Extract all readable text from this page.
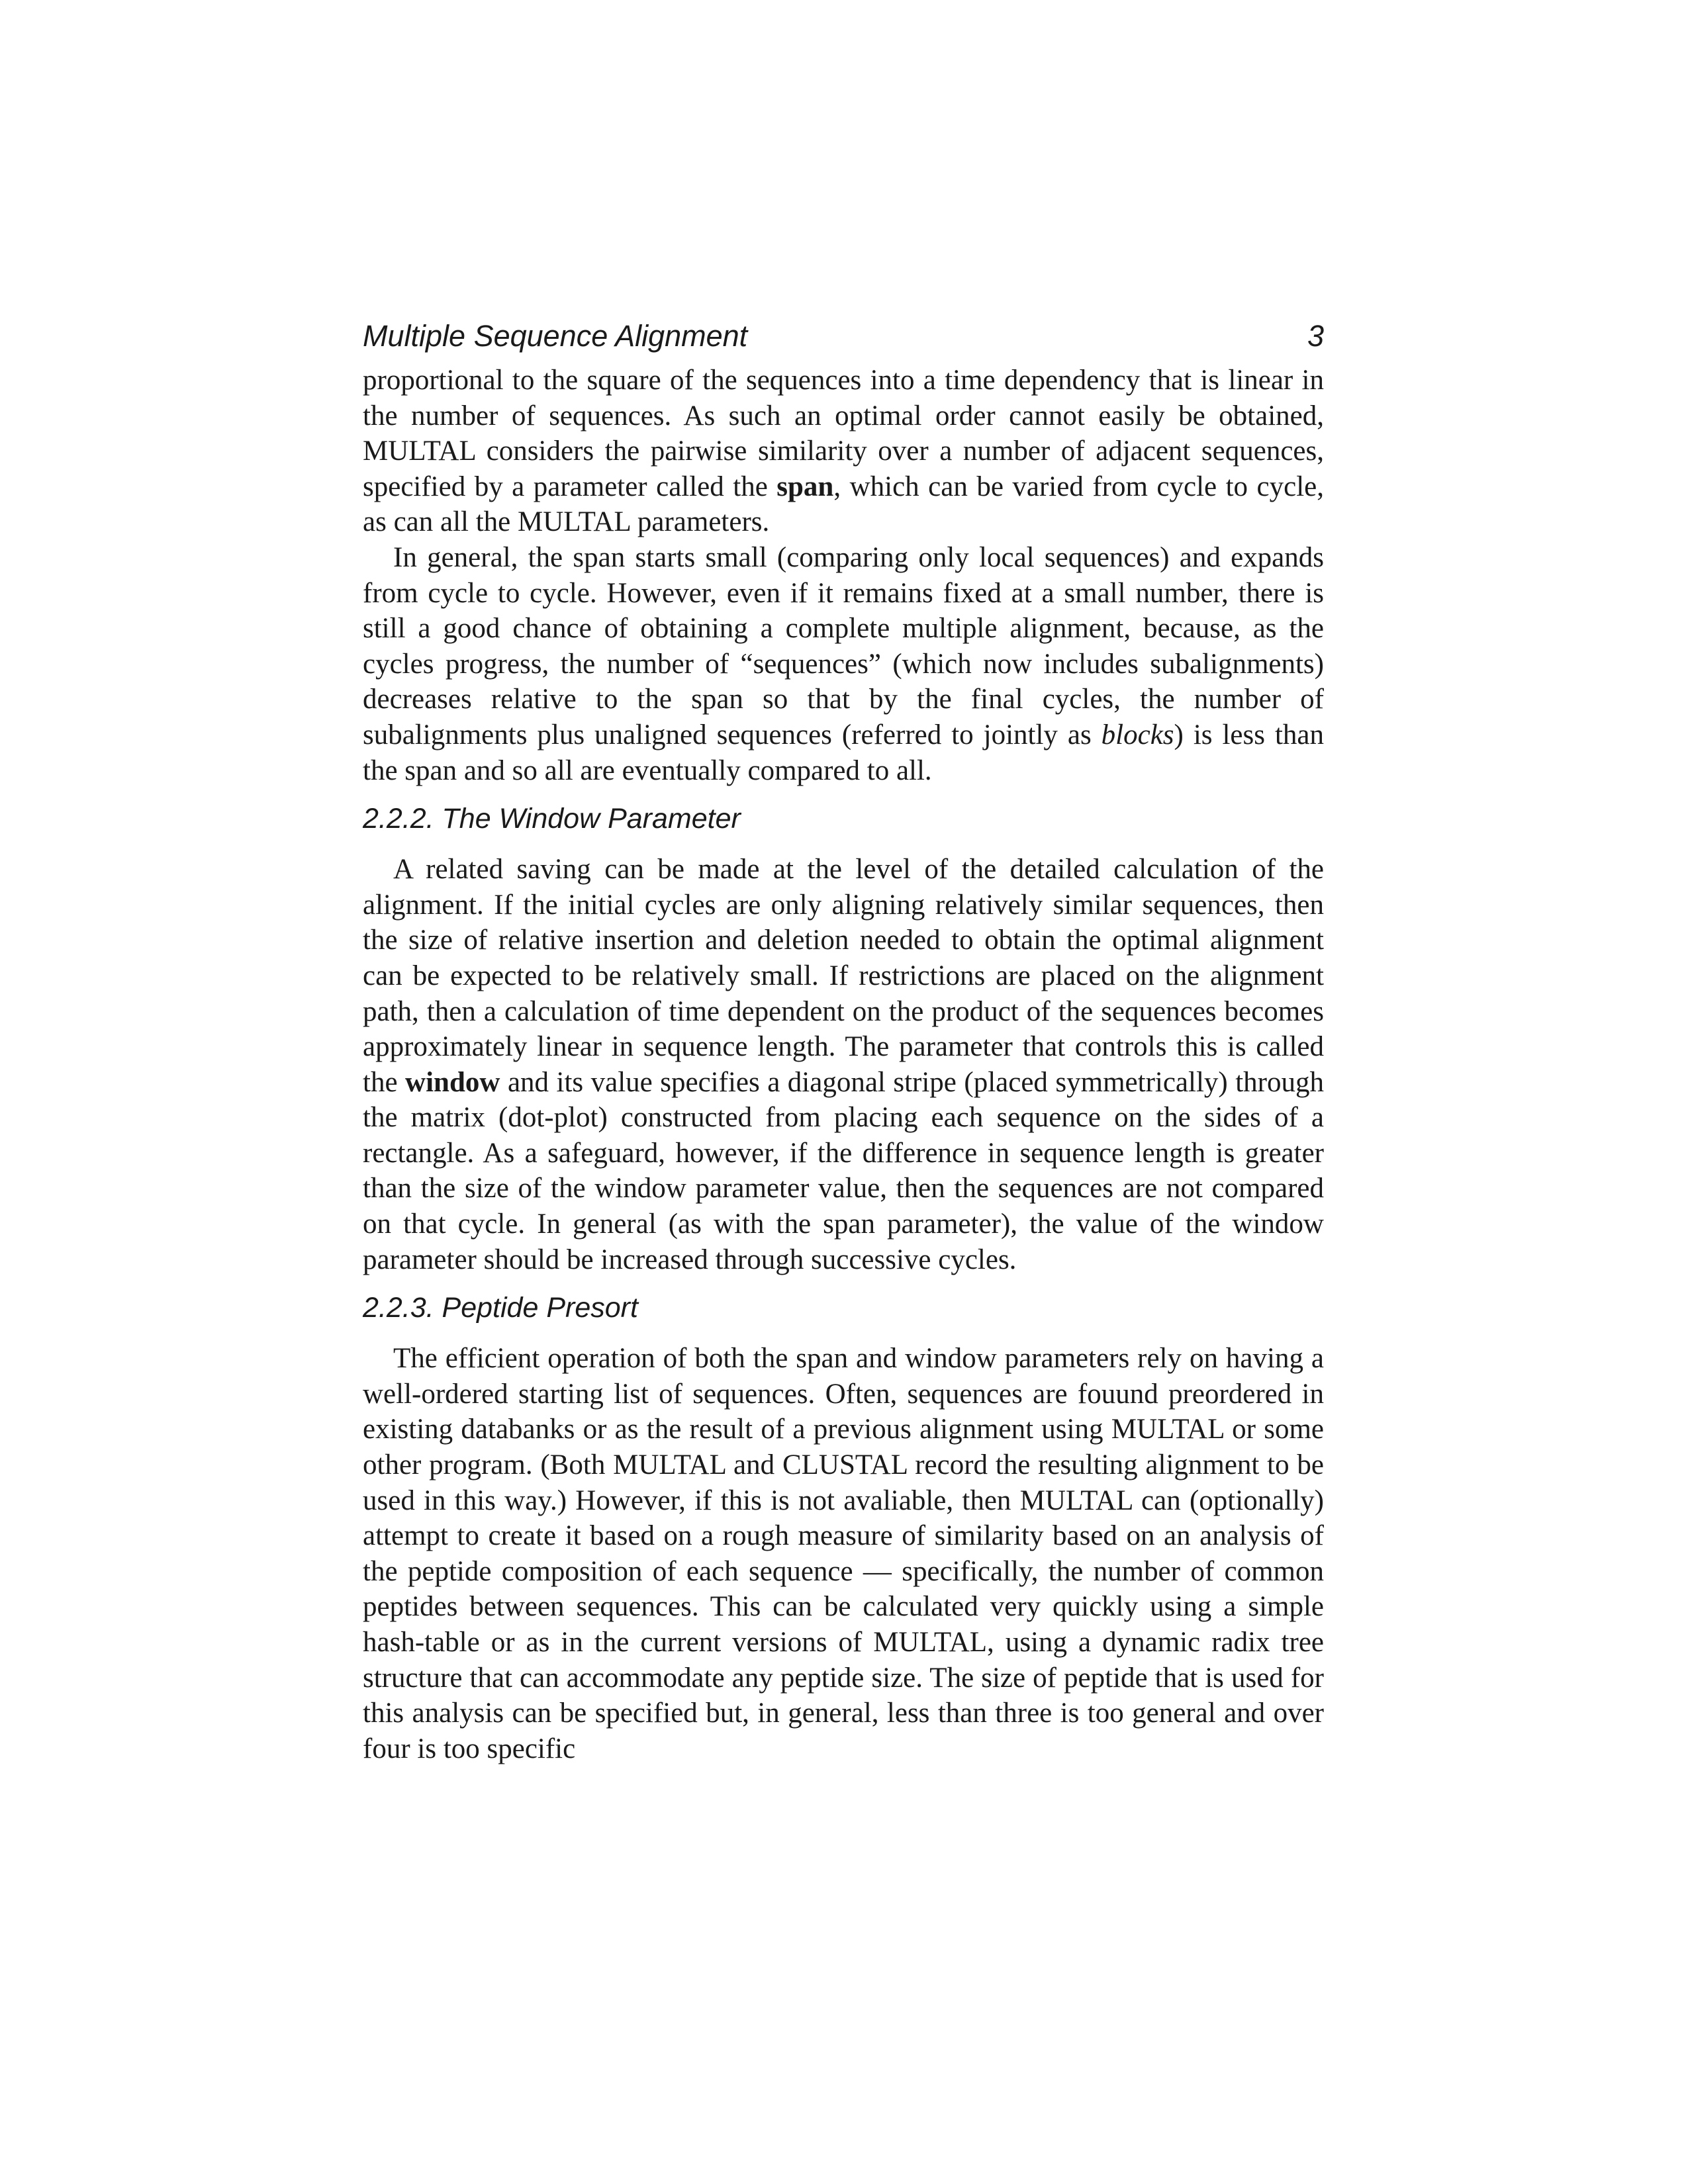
Multiple Sequence Alignment	3

proportional to the square of the sequences into a time dependency that is linear in the number of sequences. As such an optimal order cannot easily be obtained, MULTAL considers the pairwise similarity over a number of adjacent sequences, specified by a parameter called the span, which can be varied from cycle to cycle, as can all the MULTAL parameters.

In general, the span starts small (comparing only local sequences) and expands from cycle to cycle. However, even if it remains fixed at a small number, there is still a good chance of obtaining a complete multiple alignment, because, as the cycles progress, the number of “sequences” (which now includes subalignments) decreases relative to the span so that by the final cycles, the number of subalignments plus unaligned sequences (referred to jointly as blocks) is less than the span and so all are eventually compared to all.

2.2.2. The Window Parameter

A related saving can be made at the level of the detailed calculation of the alignment. If the initial cycles are only aligning relatively similar sequences, then the size of relative insertion and deletion needed to obtain the optimal alignment can be expected to be relatively small. If restrictions are placed on the alignment path, then a calculation of time dependent on the product of the sequences becomes approximately linear in sequence length. The parameter that controls this is called the window and its value specifies a diagonal stripe (placed symmetrically) through the matrix (dot-plot) constructed from placing each sequence on the sides of a rectangle. As a safeguard, however, if the difference in sequence length is greater than the size of the window parameter value, then the sequences are not compared on that cycle. In general (as with the span parameter), the value of the window parameter should be increased through successive cycles.

2.2.3. Peptide Presort

The efficient operation of both the span and window parameters rely on having a well-ordered starting list of sequences. Often, sequences are fouund preordered in existing databanks or as the result of a previous alignment using MULTAL or some other program. (Both MULTAL and CLUSTAL record the resulting alignment to be used in this way.) However, if this is not avaliable, then MULTAL can (optionally) attempt to create it based on a rough measure of similarity based on an analysis of the peptide composition of each sequence — specifically, the number of common peptides between sequences. This can be calculated very quickly using a simple hash-table or as in the current versions of MULTAL, using a dynamic radix tree structure that can accommodate any peptide size. The size of peptide that is used for this analysis can be specified but, in general, less than three is too general and over four is too specific
